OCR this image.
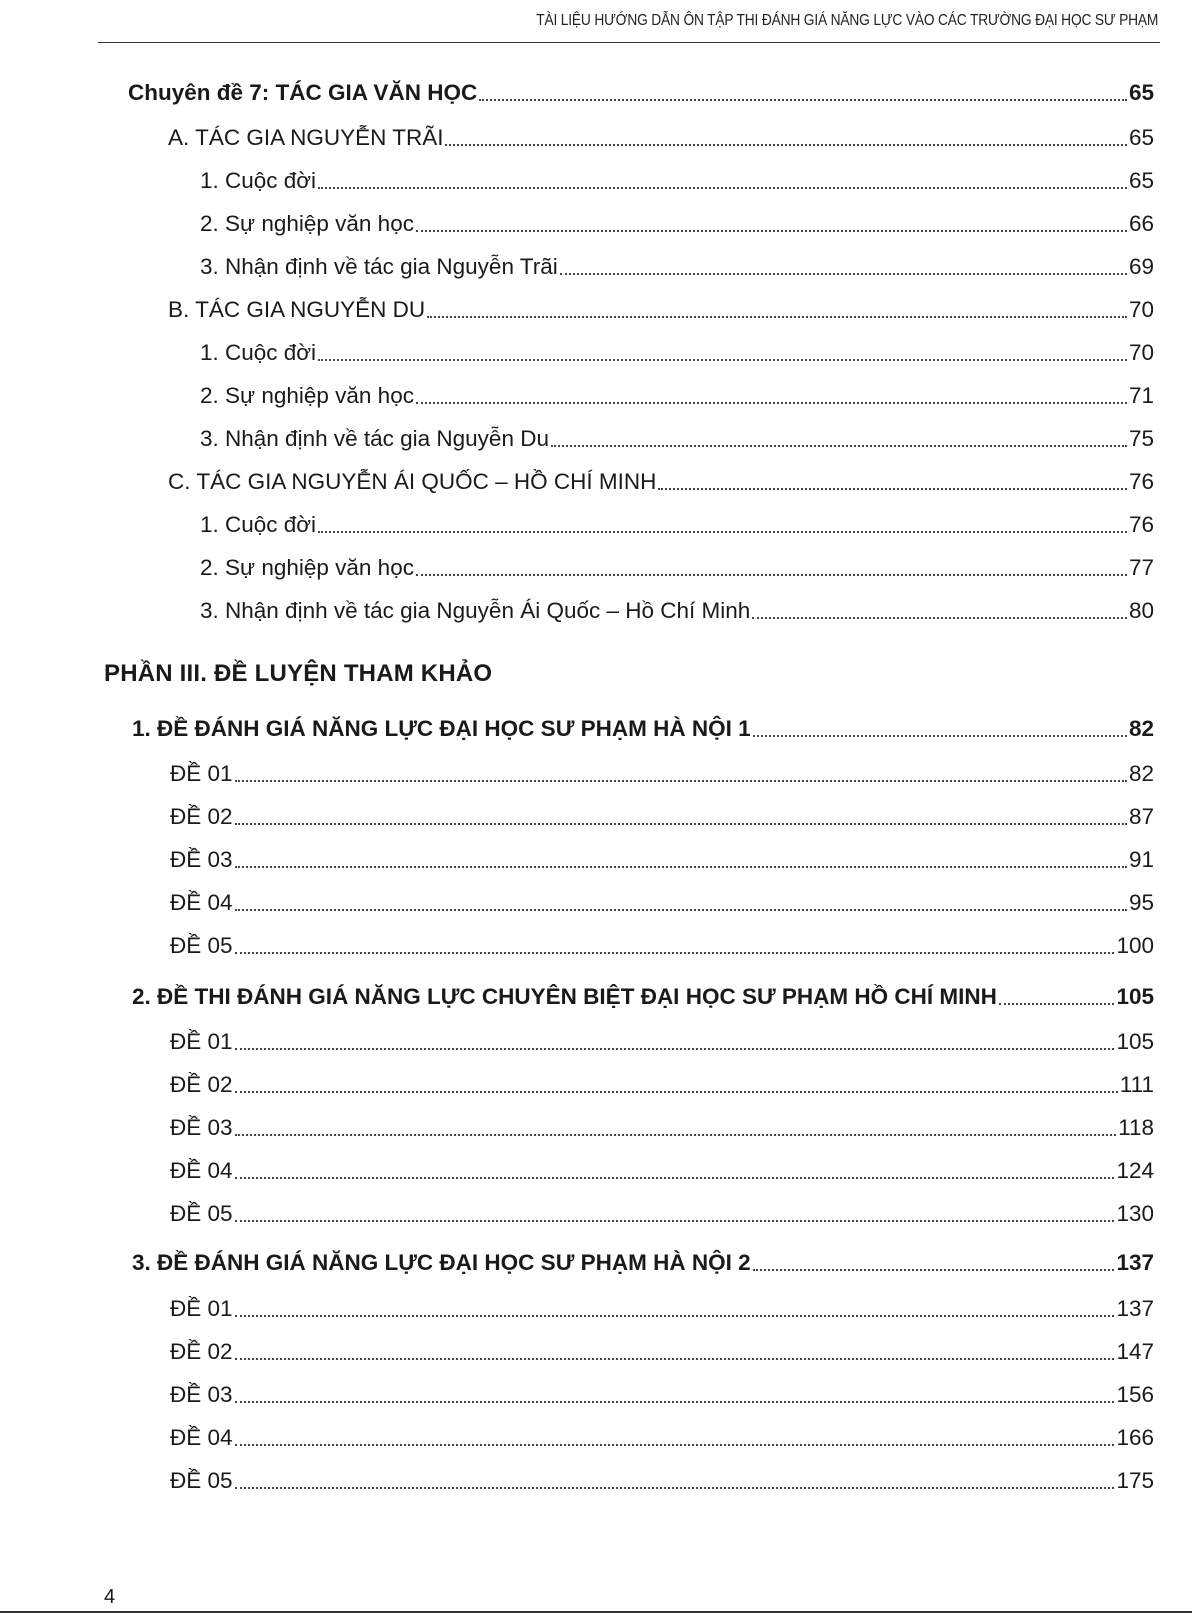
TÀI LIỆU HƯỚNG DẪN ÔN TẬP THI ĐÁNH GIÁ NĂNG LỰC VÀO CÁC TRƯỜNG ĐẠI HỌC SƯ PHẠM
Chuyên đề 7: TÁC GIA VĂN HỌC	65
A. TÁC GIA NGUYỄN TRÃI	65
1. Cuộc đời	65
2. Sự nghiệp văn học	66
3. Nhận định về tác gia Nguyễn Trãi	69
B. TÁC GIA NGUYỄN DU	70
1. Cuộc đời	70
2. Sự nghiệp văn học	71
3. Nhận định về tác gia Nguyễn Du	75
C. TÁC GIA NGUYỄN ÁI QUỐC – HỒ CHÍ MINH	76
1. Cuộc đời	76
2. Sự nghiệp văn học	77
3. Nhận định về tác gia Nguyễn Ái Quốc – Hồ Chí Minh	80
PHẦN III. ĐỀ LUYỆN THAM KHẢO
1. ĐỀ ĐÁNH GIÁ NĂNG LỰC ĐẠI HỌC SƯ PHẠM HÀ NỘI 1	82
ĐỀ 01	82
ĐỀ 02	87
ĐỀ 03	91
ĐỀ 04	95
ĐỀ 05	100
2. ĐỀ THI ĐÁNH GIÁ NĂNG LỰC CHUYÊN BIỆT ĐẠI HỌC SƯ PHẠM HỒ CHÍ MINH	105
ĐỀ 01	105
ĐỀ 02	111
ĐỀ 03	118
ĐỀ 04	124
ĐỀ 05	130
3. ĐỀ ĐÁNH GIÁ NĂNG LỰC ĐẠI HỌC SƯ PHẠM HÀ NỘI 2	137
ĐỀ 01	137
ĐỀ 02	147
ĐỀ 03	156
ĐỀ 04	166
ĐỀ 05	175
4
